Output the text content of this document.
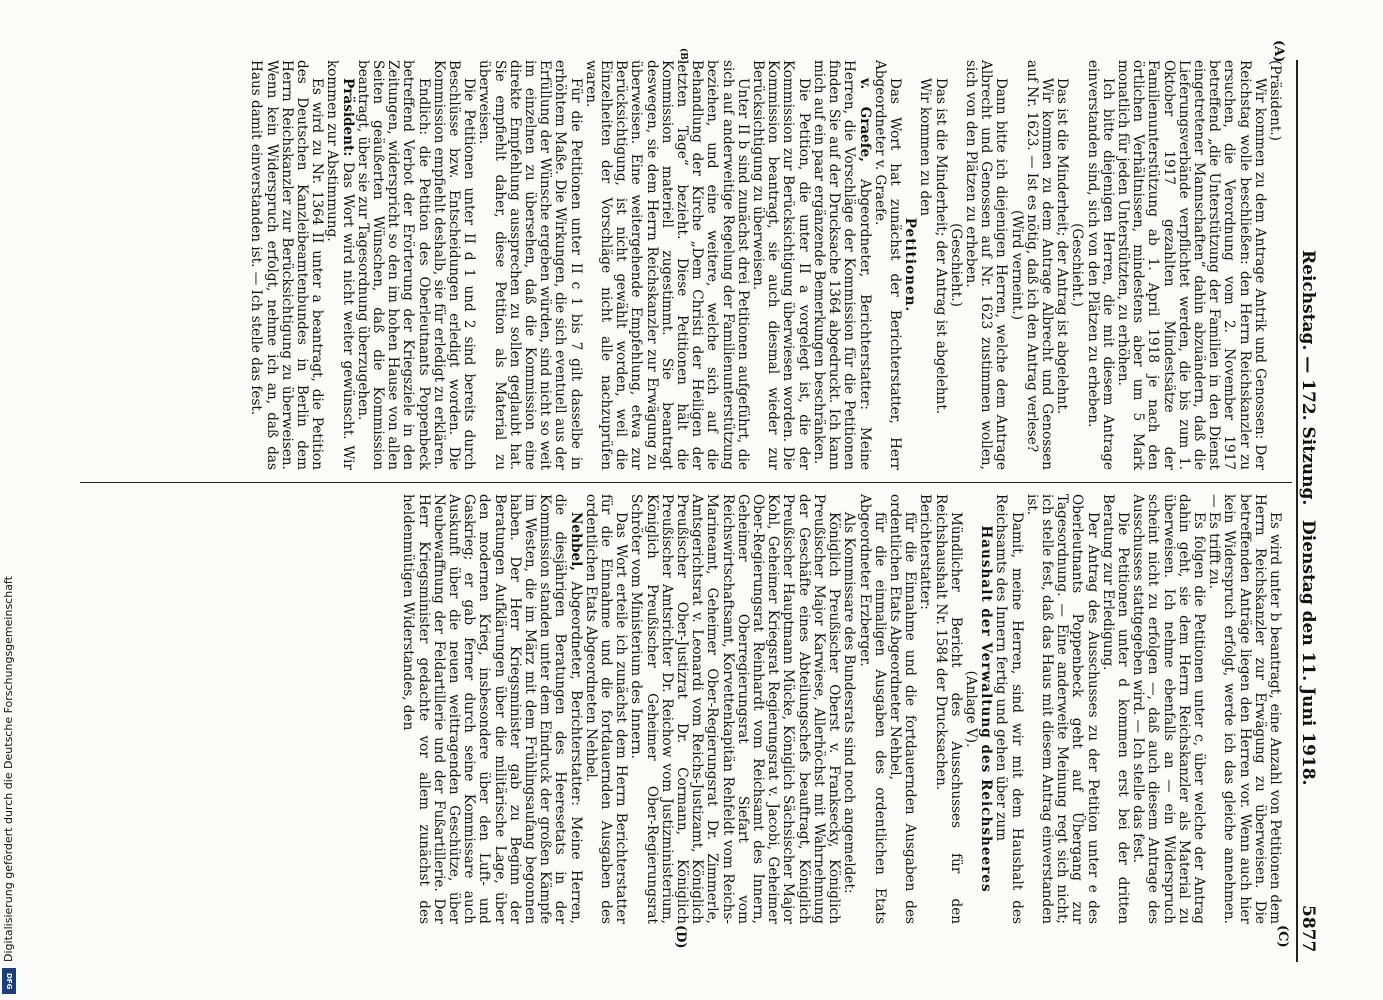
Reichstag. — 172. Sitzung.
Dienstag den 11. Juni 1918.
5877
(A)
(B)
(C)
(D)

(Präsident.)

Wir kommen zu dem Antrage Antrik und Genossen: Der Reichstag wolle beschließen: den Herrn Reichskanzler zu ersuchen, die Verordnung vom 2. November 1917 betreffend „die Unterstützung der Familien in den Dienst eingetretener Mannschaften“ dahin abzuändern, daß die Lieferungsverbände verpflichtet werden, die bis zum 1. Oktober 1917 gezahlten Mindestsätze der Familienunterstützung ab 1. April 1918 je nach den örtlichen Verhältnissen, mindestens aber um 5 Mark monatlich für jeden Unterstützten, zu erhöhen.

Ich bitte diejenigen Herren, die mit diesem Antrage einverstanden sind, sich von den Plätzen zu erheben.

(Geschieht.)

Das ist die Minderheit; der Antrag ist abgelehnt.

Wir kommen zu dem Antrage Albrecht und Genossen auf Nr. 1623. — Ist es nötig, daß ich den Antrag verlese?

(Wird verneint.)

Dann bitte ich diejenigen Herren, welche dem Antrage Albrecht und Genossen auf Nr. 1623 zustimmen wollen, sich von den Plätzen zu erheben.

(Geschieht.)

Das ist die Minderheit; der Antrag ist abgelehnt.

Wir kommen zu den

Petitionen.

Das Wort hat zunächst der Berichterstatter, Herr Abgeordneter v. Graefe.

v. Graefe, Abgeordneter, Berichterstatter: Meine Herren, die Vorschläge der Kommission für die Petitionen finden Sie auf der Drucksache 1364 abgedruckt. Ich kann mich auf ein paar ergänzende Bemerkungen beschränken.

Die Petition, die unter II a vorgelegt ist, die der Kommission zur Berücksichtigung überwiesen worden. Die Kommission beantragt, sie auch diesmal wieder zur Berücksichtigung zu überweisen.

Unter II b sind zunächst drei Petitionen aufgeführt, die sich auf anderweitige Regelung der Familienunterstützung beziehen, und eine weitere, welche sich auf die Behandlung der Kirche „Dem Christi der Heiligen der letzten Tage“ bezieht. Diese Petitionen hält die Kommission materiell zugestimmt. Sie beantragt deswegen, sie dem Herrn Reichskanzler zur Erwägung zu überweisen. Eine weitergehende Empfehlung, etwa zur Berücksichtigung, ist nicht gewählt worden, weil die Einzelheiten der Vorschläge nicht alle nachzuprüfen waren.

Für die Petitionen unter II c 1 bis 7 gilt dasselbe in erhöhtem Maße. Die Wirkungen, die sich eventuell aus der Erfüllung der Wünsche ergeben würden, sind nicht so weit im einzelnen zu übersehen, daß die Kommission eine direkte Empfehlung aussprechen zu sollen geglaubt hat. Sie empfiehlt daher, diese Petition als Material zu überweisen.

Die Petitionen unter II d 1 und 2 sind bereits durch Beschlüsse bzw. Entscheidungen erledigt worden. Die Kommission empfiehlt deshalb, sie für erledigt zu erklären.

Endlich: die Petition des Oberleutnants Poppenbeck betreffend Verbot der Erörterung der Kriegsziele in den Zeitungen, widerspricht so den im hohen Hause von allen Seiten geäußerten Wünschen, daß die Kommission beantragt, über sie zur Tagesordnung überzugehen.

Präsident: Das Wort wird nicht weiter gewünscht. Wir kommen zur Abstimmung.

Es wird zu Nr. 1364 II unter a beantragt, die Petition des Deutschen Kanzleibeamtenbundes in Berlin dem Herrn Reichskanzler zur Berücksichtigung zu überweisen. Wenn kein Widerspruch erfolgt, nehme ich an, daß das Haus damit einverstanden ist. — Ich stelle das fest.

Es wird unter b beantragt, eine Anzahl von Petitionen dem Herrn Reichskanzler zur Erwägung zu überweisen. Die betreffenden Anträge liegen den Herren vor. Wenn auch hier kein Widerspruch erfolgt, werde ich das gleiche annehmen. — Es trifft zu.

Es folgen die Petitionen unter c, über welche der Antrag dahin geht, sie dem Herrn Reichskanzler als Material zu überweisen. Ich nehme ebenfalls an — ein Widerspruch scheint nicht zu erfolgen —, daß auch diesem Antrage des Ausschusses stattgegeben wird. — Ich stelle das fest.

Die Petitionen unter d kommen erst bei der dritten Beratung zur Erledigung.

Der Antrag des Ausschusses zu der Petition unter e des Oberleutnants Poppenbeck geht auf Übergang zur Tagesordnung. — Eine anderweite Meinung regt sich nicht; ich stelle fest, daß das Haus mit diesem Antrag einverstanden ist.

Damit, meine Herren, sind wir mit dem Haushalt des Reichsamts des Innern fertig und gehen über zum

Haushalt der Verwaltung des Reichsheeres

(Anlage V).

Mündlicher Bericht des Ausschusses für den Reichshaushalt Nr. 1584 der Drucksachen.

Berichterstatter:

für die Einnahme und die fortdauernden Ausgaben des ordentlichen Etats Abgeordneter Nehbel,

für die einmaligen Ausgaben des ordentlichen Etats Abgeordneter Erzberger.

Als Kommissare des Bundesrats sind noch angemeldet:

Königlich Preußischer Oberst v. Franksecky, Königlich Preußischer Major Karwiese, Allerhöchst mit Wahrnehmung der Geschäfte eines Abteilungschefs beauftragt, Königlich Preußischer Hauptmann Mücke, Königlich Sächsischer Major Kohl, Geheimer Kriegsrat Regierungsrat v. Jacobi, Geheimer Ober-Regierungsrat Reinhardt vom Reichsamt des Innern, Geheimer Oberregierungsrat Siefart vom Reichswirtschaftsamt, Korvettenkapitän Rehfeldt vom Reichs-Marineamt, Geheimer Ober-Regierungsrat Dr. Zimmerle, Amtsgerichtsrat v. Leonardi vom Reichs-Justizamt, Königlich Preußischer Ober-Justizrat Dr. Cormann, Königlich Preußischer Amtsrichter Dr. Reichow vom Justizministerium, Königlich Preußischer Geheimer Ober-Regierungsrat Schröter vom Ministerium des Innern.

Das Wort erteile ich zunächst dem Herrn Berichterstatter für die Einnahme und die fortdauernden Ausgaben des ordentlichen Etats Abgeordneten Nehbel.

Nehbel, Abgeordneter, Berichterstatter: Meine Herren, die diesjährigen Beratungen des Heeresetats in der Kommission standen unter dem Eindruck der großen Kämpfe im Westen, die im März mit dem Frühlingsaufang begonnen haben. Der Herr Kriegsminister gab zu Beginn der Beratungen Aufklärungen über die militärische Lage, über den modernen Krieg, insbesondere über den Luft- und Gaskrieg; er gab ferner durch seine Kommissare auch Auskunft über die neuen weittragenden Geschütze, über Neubewaffnung der Feldartillerie und der Fußartillerie. Der Herr Kriegsminister gedachte vor allem zunächst des heldenmütigen Widerstandes, den

Digitalisierung gefördert durch die Deutsche Forschungsgemeinschaft
DFG
